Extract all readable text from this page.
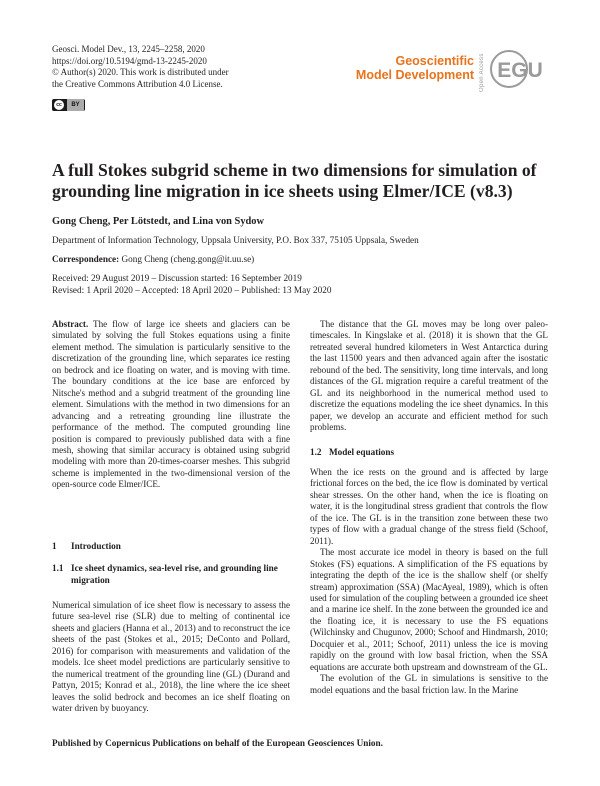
Geosci. Model Dev., 13, 2245–2258, 2020
https://doi.org/10.5194/gmd-13-2245-2020
© Author(s) 2020. This work is distributed under
the Creative Commons Attribution 4.0 License.
cc	BY
Geoscientific
Model Development Open Access EGU
A full Stokes subgrid scheme in two dimensions for simulation of
grounding line migration in ice sheets using Elmer/ICE (v8.3)
Gong Cheng, Per Lötstedt, and Lina von Sydow
Department of Information Technology, Uppsala University, P.O. Box 337, 75105 Uppsala, Sweden
Correspondence: Gong Cheng (cheng.gong@it.uu.se)
Received: 29 August 2019 – Discussion started: 16 September 2019
Revised: 1 April 2020 – Accepted: 18 April 2020 – Published: 13 May 2020

Abstract. The flow of large ice sheets and glaciers can be simulated by solving the full Stokes equations using a finite element method. The simulation is particularly sensitive to the discretization of the grounding line, which separates ice resting on bedrock and ice floating on water, and is moving with time. The boundary conditions at the ice base are enforced by Nitsche's method and a subgrid treatment of the grounding line element. Simulations with the method in two dimensions for an advancing and a retreating grounding line illustrate the performance of the method. The computed grounding line position is compared to previously published data with a fine mesh, showing that similar accuracy is obtained using subgrid modeling with more than 20-times-coarser meshes. This subgrid scheme is implemented in the two-dimensional version of the open-source code Elmer/ICE.

1 Introduction
1.1 Ice sheet dynamics, sea-level rise, and grounding line migration

Numerical simulation of ice sheet flow is necessary to assess the future sea-level rise (SLR) due to melting of continental ice sheets and glaciers (Hanna et al., 2013) and to reconstruct the ice sheets of the past (Stokes et al., 2015; DeConto and Pollard, 2016) for comparison with measurements and validation of the models. Ice sheet model predictions are particularly sensitive to the numerical treatment of the grounding line (GL) (Durand and Pattyn, 2015; Konrad et al., 2018), the line where the ice sheet leaves the solid bedrock and becomes an ice shelf floating on water driven by buoyancy.

The distance that the GL moves may be long over paleo-timescales. In Kingslake et al. (2018) it is shown that the GL retreated several hundred kilometers in West Antarctica during the last 11500 years and then advanced again after the isostatic rebound of the bed. The sensitivity, long time intervals, and long distances of the GL migration require a careful treatment of the GL and its neighborhood in the numerical method used to discretize the equations modeling the ice sheet dynamics. In this paper, we develop an accurate and efficient method for such problems.

1.2 Model equations

When the ice rests on the ground and is affected by large frictional forces on the bed, the ice flow is dominated by vertical shear stresses. On the other hand, when the ice is floating on water, it is the longitudinal stress gradient that controls the flow of the ice. The GL is in the transition zone between these two types of flow with a gradual change of the stress field (Schoof, 2011).

The most accurate ice model in theory is based on the full Stokes (FS) equations. A simplification of the FS equations by integrating the depth of the ice is the shallow shelf (or shelfy stream) approximation (SSA) (MacAyeal, 1989), which is often used for simulation of the coupling between a grounded ice sheet and a marine ice shelf. In the zone between the grounded ice and the floating ice, it is necessary to use the FS equations (Wilchinsky and Chugunov, 2000; Schoof and Hindmarsh, 2010; Docquier et al., 2011; Schoof, 2011) unless the ice is moving rapidly on the ground with low basal friction, when the SSA equations are accurate both upstream and downstream of the GL.

The evolution of the GL in simulations is sensitive to the model equations and the basal friction law. In the Marine

Published by Copernicus Publications on behalf of the European Geosciences Union.
